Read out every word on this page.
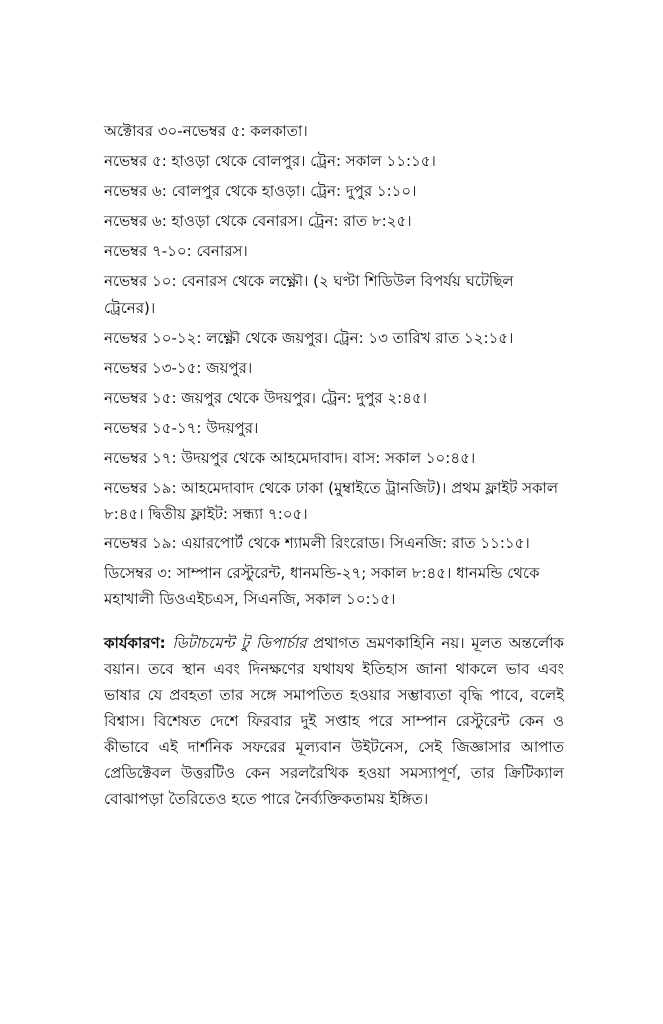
অক্টোবর ৩০-নভেম্বর ৫: কলকাতা।
নভেম্বর ৫: হাওড়া থেকে বোলপুর। ট্রেন: সকাল ১১:১৫।
নভেম্বর ৬: বোলপুর থেকে হাওড়া। ট্রেন: দুপুর ১:১০।
নভেম্বর ৬: হাওড়া থেকে বেনারস। ট্রেন: রাত ৮:২৫।
নভেম্বর ৭-১০: বেনারস।
নভেম্বর ১০: বেনারস থেকে লক্ষ্ণৌ। (২ ঘণ্টা শিডিউল বিপর্যয় ঘটেছিল ট্রেনের)।
নভেম্বর ১০-১২: লক্ষ্ণৌ থেকে জয়পুর। ট্রেন: ১৩ তারিখ রাত ১২:১৫।
নভেম্বর ১৩-১৫: জয়পুর।
নভেম্বর ১৫: জয়পুর থেকে উদয়পুর। ট্রেন: দুপুর ২:৪৫।
নভেম্বর ১৫-১৭: উদয়পুর।
নভেম্বর ১৭: উদয়পুর থেকে আহমেদাবাদ। বাস: সকাল ১০:৪৫।
নভেম্বর ১৯: আহমেদাবাদ থেকে ঢাকা (মুম্বাইতে ট্রানজিট)। প্রথম ফ্লাইট সকাল ৮:৪৫। দ্বিতীয় ফ্লাইট: সন্ধ্যা ৭:০৫।
নভেম্বর ১৯: এয়ারপোর্ট থেকে শ্যামলী রিংরোড। সিএনজি: রাত ১১:১৫।
ডিসেম্বর ৩: সাম্পান রেস্টুরেন্ট, ধানমন্ডি-২৭; সকাল ৮:৪৫। ধানমন্ডি থেকে মহাখালী ডিওএইচএস, সিএনজি, সকাল ১০:১৫।

কার্যকারণ: ডিটাচমেন্ট টু ডিপার্চার প্রথাগত ভ্রমণকাহিনি নয়। মূলত অন্তর্লোক বয়ান। তবে স্থান এবং দিনক্ষণের যথাযথ ইতিহাস জানা থাকলে ভাব এবং ভাষার যে প্রবহতা তার সঙ্গে সমাপতিত হওয়ার সম্ভাব্যতা বৃদ্ধি পাবে, বলেই বিশ্বাস। বিশেষত দেশে ফিরবার দুই সপ্তাহ পরে সাম্পান রেস্টুরেন্ট কেন ও কীভাবে এই দার্শনিক সফরের মূল্যবান উইটনেস, সেই জিজ্ঞাসার আপাত প্রেডিক্টেবল উত্তরটিও কেন সরলরৈখিক হওয়া সমস্যাপূর্ণ, তার ক্রিটিক্যাল বোঝাপড়া তৈরিতেও হতে পারে নৈর্ব্যক্তিকতাময় ইঙ্গিত।
